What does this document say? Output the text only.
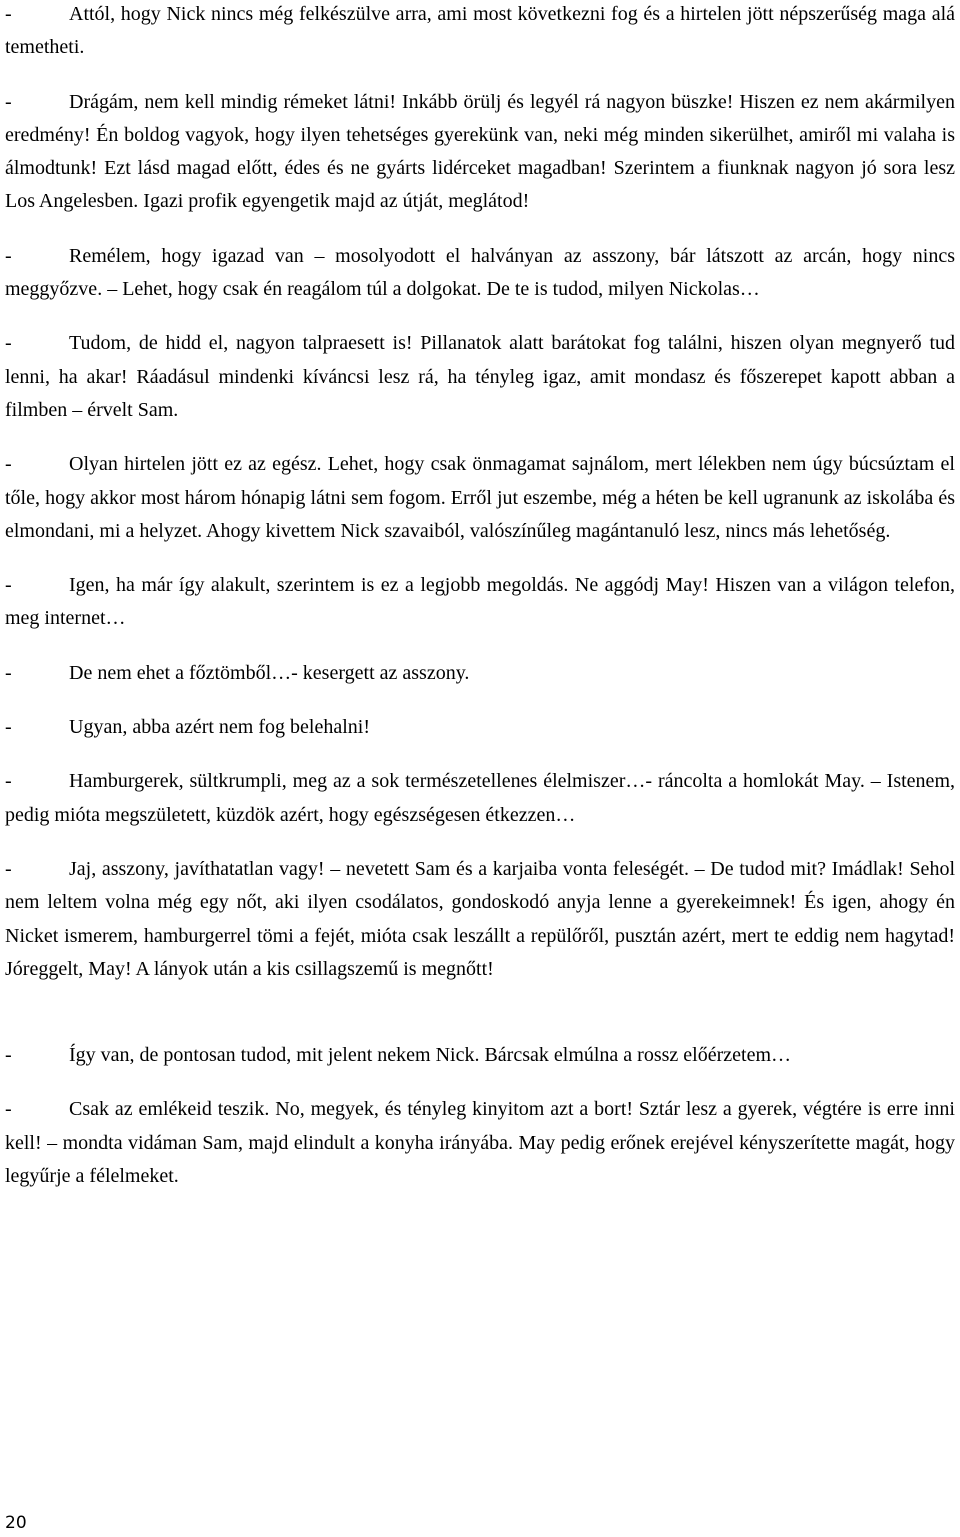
-	Attól, hogy Nick nincs még felkészülve arra, ami most következni fog és a hirtelen jött népszerűség maga alá temetheti.

-	Drágám, nem kell mindig rémeket látni! Inkább örülj és legyél rá nagyon büszke! Hiszen ez nem akármilyen eredmény! Én boldog vagyok, hogy ilyen tehetséges gyerekünk van, neki még minden sikerülhet, amiről mi valaha is álmodtunk! Ezt lásd magad előtt, édes és ne gyárts lidérceket magadban! Szerintem a fiunknak nagyon jó sora lesz Los Angelesben. Igazi profik egyengetik majd az útját, meglátod!

-	Remélem, hogy igazad van – mosolyodott el halványan az asszony, bár látszott az arcán, hogy nincs meggyőzve. – Lehet, hogy csak én reagálom túl a dolgokat. De te is tudod, milyen Nickolas…

-	Tudom, de hidd el, nagyon talpraesett is! Pillanatok alatt barátokat fog találni, hiszen olyan megnyerő tud lenni, ha akar! Ráadásul mindenki kíváncsi lesz rá, ha tényleg igaz, amit mondasz és főszerepet kapott abban a filmben – érvelt Sam.

-	Olyan hirtelen jött ez az egész. Lehet, hogy csak önmagamat sajnálom, mert lélekben nem úgy búcsúztam el tőle, hogy akkor most három hónapig látni sem fogom. Erről jut eszembe, még a héten be kell ugranunk az iskolába és elmondani, mi a helyzet. Ahogy kivettem Nick szavaiból, valószínűleg magántanuló lesz, nincs más lehetőség.

-	Igen, ha már így alakult, szerintem is ez a legjobb megoldás. Ne aggódj May! Hiszen van a világon telefon, meg internet…

-	De nem ehet a főztömből…- kesergett az asszony.

-	Ugyan, abba azért nem fog belehalni!

-	Hamburgerek, sültkrumpli, meg az a sok természetellenes élelmiszer…- ráncolta a homlokát May. – Istenem, pedig mióta megszületett, küzdök azért, hogy egészségesen étkezzen…

-	Jaj, asszony, javíthatatlan vagy! – nevetett Sam és a karjaiba vonta feleségét. – De tudod mit? Imádlak! Sehol nem leltem volna még egy nőt, aki ilyen csodálatos, gondoskodó anyja lenne a gyerekeimnek! És igen, ahogy én Nicket ismerem, hamburgerrel tömi a fejét, mióta csak leszállt a repülőről, pusztán azért, mert te eddig nem hagytad! Jóreggelt, May! A lányok után a kis csillagszemű is megnőtt!

-	Így van, de pontosan tudod, mit jelent nekem Nick. Bárcsak elmúlna a rossz előérzetem…

-	Csak az emlékeid teszik. No, megyek, és tényleg kinyitom azt a bort! Sztár lesz a gyerek, végtére is erre inni kell! – mondta vidáman Sam, majd elindult a konyha irányába. May pedig erőnek erejével kényszerítette magát, hogy legyűrje a félelmeket.

20
